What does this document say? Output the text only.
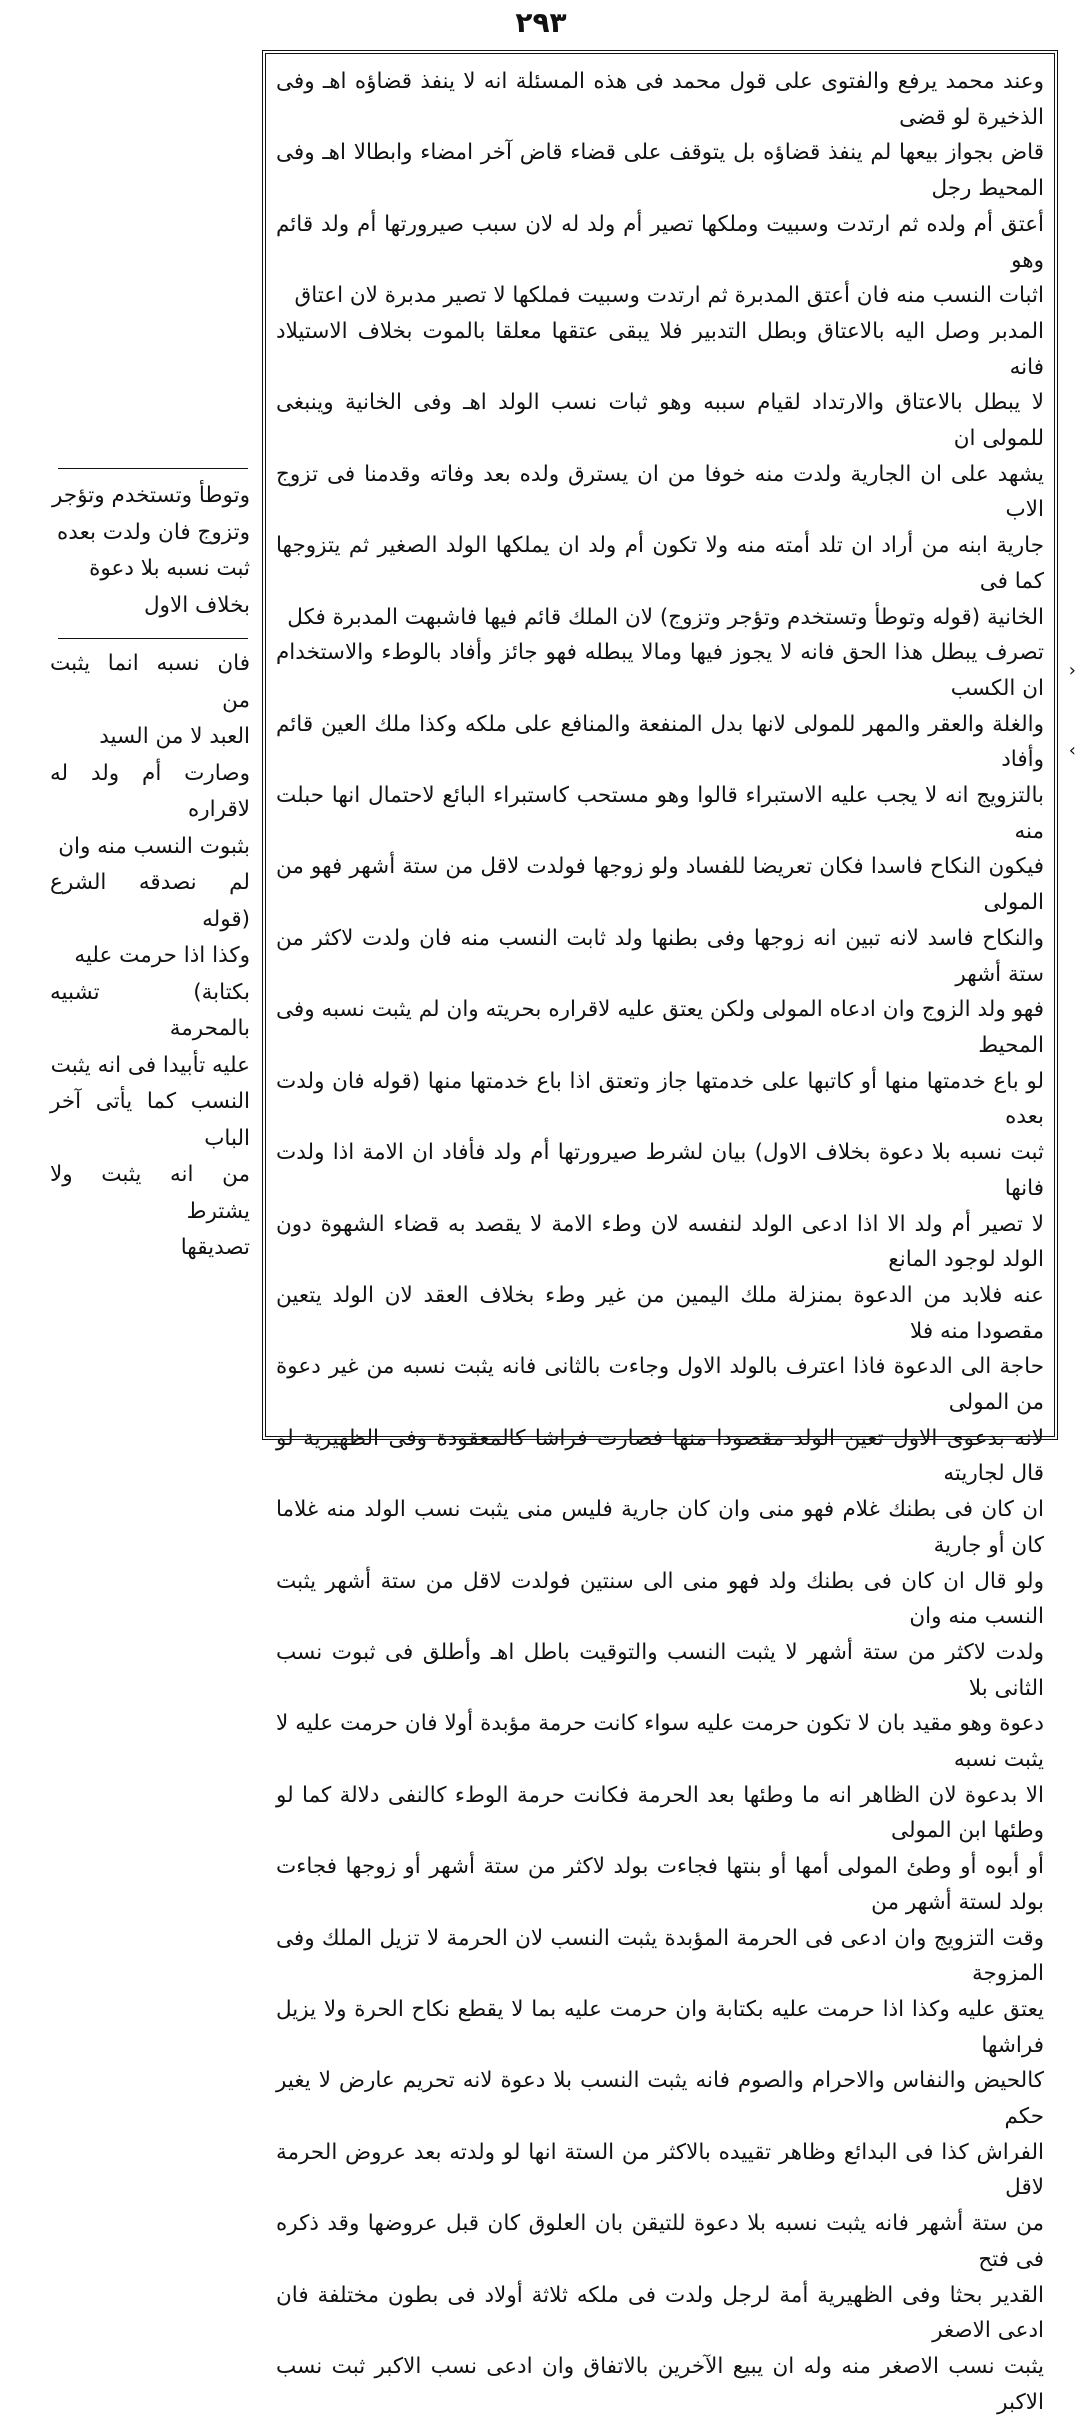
٢٩٣

وعند محمد يرفع والفتوى على قول محمد فى هذه المسئلة انه لا ينفذ قضاؤه اهـ وفى الذخيرة لو قضى

قاض بجواز بيعها لم ينفذ قضاؤه بل يتوقف على قضاء قاض آخر امضاء وابطالا اهـ وفى المحيط رجل

أعتق أم ولده ثم ارتدت وسبيت وملكها تصير أم ولد له لان سبب صيرورتها أم ولد قائم وهو

اثبات النسب منه فان أعتق المدبرة ثم ارتدت وسبيت فملكها لا تصير مدبرة لان اعتاق

المدبر وصل اليه بالاعتاق وبطل التدبير فلا يبقى عتقها معلقا بالموت بخلاف الاستيلاد فانه

لا يبطل بالاعتاق والارتداد لقيام سببه وهو ثبات نسب الولد اهـ وفى الخانية وينبغى للمولى ان

يشهد على ان الجارية ولدت منه خوفا من ان يسترق ولده بعد وفاته وقدمنا فى تزوج الاب

جارية ابنه من أراد ان تلد أمته منه ولا تكون أم ولد ان يملكها الولد الصغير ثم يتزوجها كما فى

الخانية (قوله وتوطأ وتستخدم وتؤجر وتزوج) لان الملك قائم فيها فاشبهت المدبرة فكل

تصرف يبطل هذا الحق فانه لا يجوز فيها ومالا يبطله فهو جائز وأفاد بالوطء والاستخدام ان الكسب

والغلة والعقر والمهر للمولى لانها بدل المنفعة والمنافع على ملكه وكذا ملك العين قائم وأفاد

بالتزويج انه لا يجب عليه الاستبراء قالوا وهو مستحب كاستبراء البائع لاحتمال انها حبلت منه

فيكون النكاح فاسدا فكان تعريضا للفساد ولو زوجها فولدت لاقل من ستة أشهر فهو من المولى

والنكاح فاسد لانه تبين انه زوجها وفى بطنها ولد ثابت النسب منه فان ولدت لاكثر من ستة أشهر

فهو ولد الزوج وان ادعاه المولى ولكن يعتق عليه لاقراره بحريته وان لم يثبت نسبه وفى المحيط

لو باع خدمتها منها أو كاتبها على خدمتها جاز وتعتق اذا باع خدمتها منها (قوله فان ولدت بعده

ثبت نسبه بلا دعوة بخلاف الاول) بيان لشرط صيرورتها أم ولد فأفاد ان الامة اذا ولدت فانها

لا تصير أم ولد الا اذا ادعى الولد لنفسه لان وطء الامة لا يقصد به قضاء الشهوة دون الولد لوجود المانع

عنه فلابد من الدعوة بمنزلة ملك اليمين من غير وطء بخلاف العقد لان الولد يتعين مقصودا منه فلا

حاجة الى الدعوة فاذا اعترف بالولد الاول وجاءت بالثانى فانه يثبت نسبه من غير دعوة من المولى

لانه بدعوى الاول تعين الولد مقصودا منها فصارت فراشا كالمعقودة وفى الظهيرية لو قال لجاريته

ان كان فى بطنك غلام فهو منى وان كان جارية فليس منى يثبت نسب الولد منه غلاما كان أو جارية

ولو قال ان كان فى بطنك ولد فهو منى الى سنتين فولدت لاقل من ستة أشهر يثبت النسب منه وان

ولدت لاكثر من ستة أشهر لا يثبت النسب والتوقيت باطل اهـ وأطلق فى ثبوت نسب الثانى بلا

دعوة وهو مقيد بان لا تكون حرمت عليه سواء كانت حرمة مؤبدة أولا فان حرمت عليه لا يثبت نسبه

الا بدعوة لان الظاهر انه ما وطئها بعد الحرمة فكانت حرمة الوطء كالنفى دلالة كما لو وطئها ابن المولى

أو أبوه أو وطئ المولى أمها أو بنتها فجاءت بولد لاكثر من ستة أشهر أو زوجها فجاءت بولد لستة أشهر من

وقت التزويج وان ادعى فى الحرمة المؤبدة يثبت النسب لان الحرمة لا تزيل الملك وفى المزوجة

يعتق عليه وكذا اذا حرمت عليه بكتابة وان حرمت عليه بما لا يقطع نكاح الحرة ولا يزيل فراشها

كالحيض والنفاس والاحرام والصوم فانه يثبت النسب بلا دعوة لانه تحريم عارض لا يغير حكم

الفراش كذا فى البدائع وظاهر تقييده بالاكثر من الستة انها لو ولدته بعد عروض الحرمة لاقل

من ستة أشهر فانه يثبت نسبه بلا دعوة للتيقن بان العلوق كان قبل عروضها وقد ذكره فى فتح

القدير بحثا وفى الظهيرية أمة لرجل ولدت فى ملكه ثلاثة أولاد فى بطون مختلفة فان ادعى الاصغر

يثبت نسب الاصغر منه وله ان يبيع الآخرين بالاتفاق وان ادعى نسب الاكبر ثبت نسب الاكبر

وتوطأ وتستخدم وتؤجر

وتزوج فان ولدت بعده

ثبت نسبه بلا دعوة

بخلاف الاول

فان نسبه انما يثبت من

العبد لا من السيد

وصارت أم ولد له لاقراره

بثبوت النسب منه وان

لم نصدقه الشرع (قوله

وكذا اذا حرمت عليه

بكتابة) تشبيه بالمحرمة

عليه تأبيدا فى انه يثبت

النسب كما يأتى آخر الباب

من انه يثبت ولا يشترط

تصديقها

›
‹
